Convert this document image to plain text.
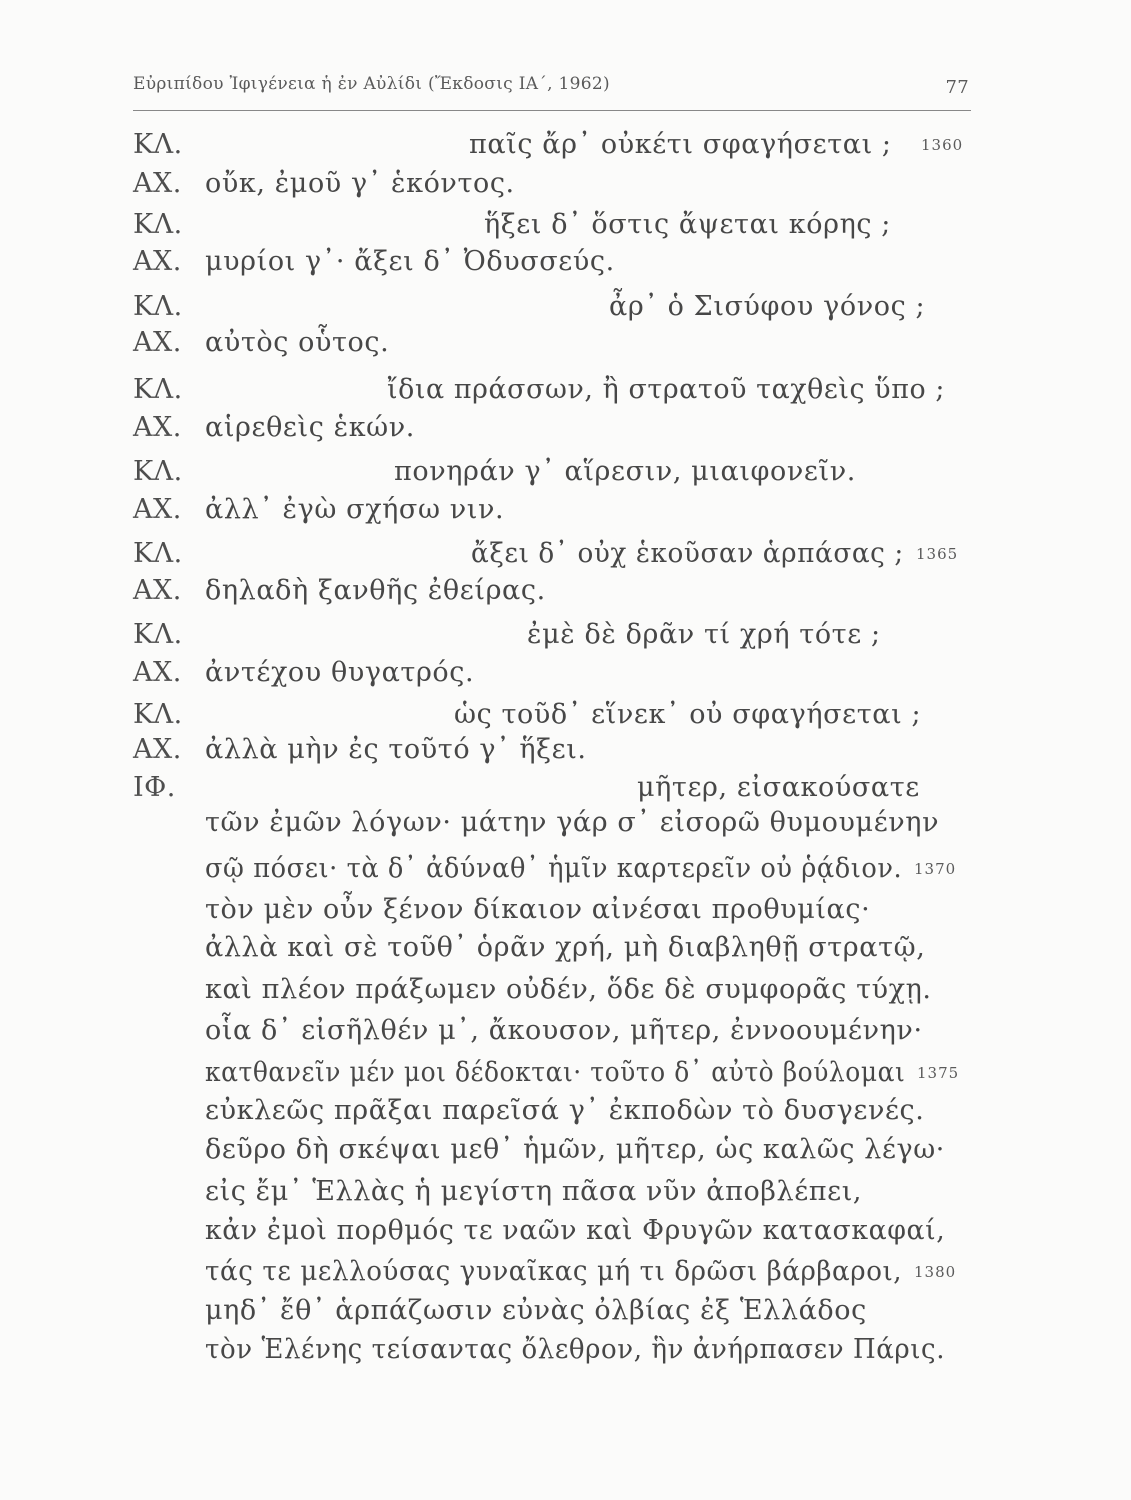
Εὐριπίδου Ἰφιγένεια ἡ ἐν Αὐλίδι (Ἔκδοσις ΙΑ΄, 1962)	77
ΚΛ.	παῖς ἄρ᾽ οὐκέτι σφαγήσεται ; 1360
ΑΧ. οὔκ, ἐμοῦ γ᾽ ἑκόντος.
ΚΛ.	ἥξει δ᾽ ὅστις ἄψεται κόρης ;
ΑΧ. μυρίοι γ᾽· ἄξει δ᾽ Ὀδυσσεύς.
ΚΛ.	ἆρ᾽ ὁ Σισύφου γόνος ;
ΑΧ. αὐτὸς οὗτος.
ΚΛ.	ἴδια πράσσων, ἢ στρατοῦ ταχθεὶς ὕπο ;
ΑΧ. αἱρεθεὶς ἑκών.
ΚΛ.	πονηράν γ᾽ αἵρεσιν, μιαιφονεῖν.
ΑΧ. ἀλλ᾽ ἐγὼ σχήσω νιν.
ΚΛ.	ἄξει δ᾽ οὐχ ἑκοῦσαν ἁρπάσας ; 1365
ΑΧ. δηλαδὴ ξανθῆς ἐθείρας.
ΚΛ.	ἐμὲ δὲ δρᾶν τί χρή τότε ;
ΑΧ. ἀντέχου θυγατρός.
ΚΛ.	ὡς τοῦδ᾽ εἵνεκ᾽ οὐ σφαγήσεται ;
ΑΧ. ἀλλὰ μὴν ἐς τοῦτό γ᾽ ἥξει.
ΙΦ.	μῆτερ, εἰσακούσατε
τῶν ἐμῶν λόγων· μάτην γάρ σ᾽ εἰσορῶ θυμουμένην
σῷ πόσει· τὰ δ᾽ ἀδύναθ᾽ ἡμῖν καρτερεῖν οὐ ῥᾴδιον. 1370
τὸν μὲν οὖν ξένον δίκαιον αἰνέσαι προθυμίας·
ἀλλὰ καὶ σὲ τοῦθ᾽ ὁρᾶν χρή, μὴ διαβληθῇ στρατῷ,
καὶ πλέον πράξωμεν οὐδέν, ὅδε δὲ συμφορᾶς τύχῃ.
οἷα δ᾽ εἰσῆλθέν μ᾽, ἄκουσον, μῆτερ, ἐννοουμένην·
κατθανεῖν μέν μοι δέδοκται· τοῦτο δ᾽ αὐτὸ βούλομαι 1375
εὐκλεῶς πρᾶξαι παρεῖσά γ᾽ ἐκποδὼν τὸ δυσγενές.
δεῦρο δὴ σκέψαι μεθ᾽ ἡμῶν, μῆτερ, ὡς καλῶς λέγω·
εἰς ἔμ᾽ Ἑλλὰς ἡ μεγίστη πᾶσα νῦν ἀποβλέπει,
κἀν ἐμοὶ πορθμός τε ναῶν καὶ Φρυγῶν κατασκαφαί,
τάς τε μελλούσας γυναῖκας μή τι δρῶσι βάρβαροι, 1380
μηδ᾽ ἔθ᾽ ἁρπάζωσιν εὐνὰς ὀλβίας ἐξ Ἑλλάδος
τὸν Ἑλένης τείσαντας ὄλεθρον, ἣν ἀνήρπασεν Πάρις.
